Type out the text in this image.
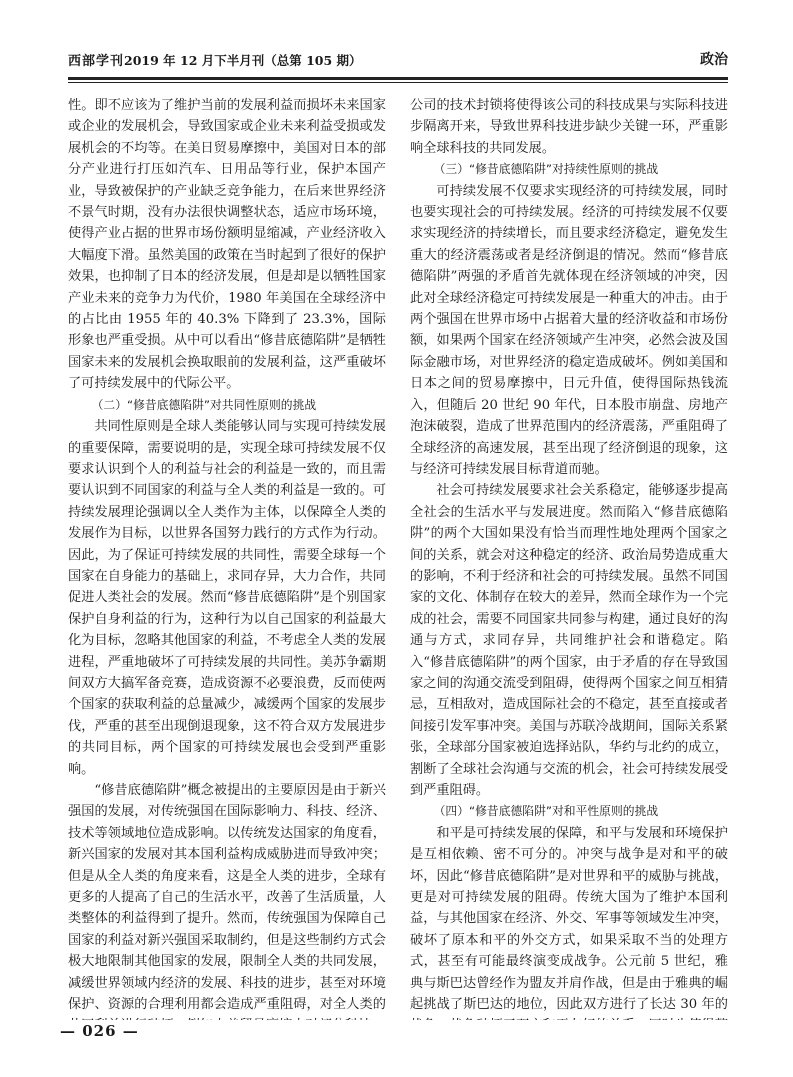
西部学刊2019 年 12 月下半月刊（总第 105 期）	政治

性。即不应该为了维护当前的发展利益而损坏未来国家或企业的发展机会，导致国家或企业未来利益受损或发展机会的不均等。在美日贸易摩擦中，美国对日本的部分产业进行打压如汽车、日用品等行业，保护本国产业，导致被保护的产业缺乏竞争能力，在后来世界经济不景气时期，没有办法很快调整状态，适应市场环境，使得产业占据的世界市场份额明显缩减，产业经济收入大幅度下滑。虽然美国的政策在当时起到了很好的保护效果，也抑制了日本的经济发展，但是却是以牺牲国家产业未来的竞争力为代价，1980 年美国在全球经济中的占比由 1955 年的 40.3% 下降到了 23.3%，国际形象也严重受损。从中可以看出“修昔底德陷阱”是牺牲国家未来的发展机会换取眼前的发展利益，这严重破坏了可持续发展中的代际公平。

（二）“修昔底德陷阱”对共同性原则的挑战

共同性原则是全球人类能够认同与实现可持续发展的重要保障，需要说明的是，实现全球可持续发展不仅要求认识到个人的利益与社会的利益是一致的，而且需要认识到不同国家的利益与全人类的利益是一致的。可持续发展理论强调以全人类作为主体，以保障全人类的发展作为目标，以世界各国努力践行的方式作为行动。因此，为了保证可持续发展的共同性，需要全球每一个国家在自身能力的基础上，求同存异，大力合作，共同促进人类社会的发展。然而“修昔底德陷阱”是个别国家保护自身利益的行为，这种行为以自己国家的利益最大化为目标，忽略其他国家的利益，不考虑全人类的发展进程，严重地破坏了可持续发展的共同性。美苏争霸期间双方大搞军备竞赛，造成资源不必要浪费，反而使两个国家的获取利益的总量减少，减缓两个国家的发展步伐，严重的甚至出现倒退现象，这不符合双方发展进步的共同目标，两个国家的可持续发展也会受到严重影响。

“修昔底德陷阱”概念被提出的主要原因是由于新兴强国的发展，对传统强国在国际影响力、科技、经济、技术等领域地位造成影响。以传统发达国家的角度看，新兴国家的发展对其本国利益构成威胁进而导致冲突；但是从全人类的角度来看，这是全人类的进步，全球有更多的人提高了自己的生活水平，改善了生活质量，人类整体的利益得到了提升。然而，传统强国为保障自己国家的利益对新兴强国采取制约，但是这些制约方式会极大地限制其他国家的发展，限制全人类的共同发展，减缓世界领域内经济的发展、科技的进步，甚至对环境保护、资源的合理利用都会造成严重阻碍，对全人类的

公司的技术封锁将使得该公司的科技成果与实际科技进步隔离开来，导致世界科技进步缺少关键一环，严重影响全球科技的共同发展。

（三）“修昔底德陷阱”对持续性原则的挑战

可持续发展不仅要求实现经济的可持续发展，同时也要实现社会的可持续发展。经济的可持续发展不仅要求实现经济的持续增长，而且要求经济稳定，避免发生重大的经济震荡或者是经济倒退的情况。然而“修昔底德陷阱”两强的矛盾首先就体现在经济领域的冲突，因此对全球经济稳定可持续发展是一种重大的冲击。由于两个强国在世界市场中占据着大量的经济收益和市场份额，如果两个国家在经济领域产生冲突，必然会波及国际金融市场，对世界经济的稳定造成破坏。例如美国和日本之间的贸易摩擦中，日元升值，使得国际热钱流入，但随后 20 世纪 90 年代，日本股市崩盘、房地产泡沫破裂，造成了世界范围内的经济震荡，严重阻碍了全球经济的高速发展，甚至出现了经济倒退的现象，这与经济可持续发展目标背道而驰。

社会可持续发展要求社会关系稳定，能够逐步提高全社会的生活水平与发展进度。然而陷入“修昔底德陷阱”的两个大国如果没有恰当而理性地处理两个国家之间的关系，就会对这种稳定的经济、政治局势造成重大的影响，不利于经济和社会的可持续发展。虽然不同国家的文化、体制存在较大的差异，然而全球作为一个完成的社会，需要不同国家共同参与构建，通过良好的沟通与方式，求同存异，共同维护社会和谐稳定。陷入“修昔底德陷阱”的两个国家，由于矛盾的存在导致国家之间的沟通交流受到阻碍，使得两个国家之间互相猜忌，互相敌对，造成国际社会的不稳定，甚至直接或者间接引发军事冲突。美国与苏联冷战期间，国际关系紧张，全球部分国家被迫选择站队，华约与北约的成立，割断了全球社会沟通与交流的机会，社会可持续发展受到严重阻碍。

（四）“修昔底德陷阱”对和平性原则的挑战

和平是可持续发展的保障，和平与发展和环境保护是互相依赖、密不可分的。冲突与战争是对和平的破坏，因此“修昔底德陷阱”是对世界和平的威胁与挑战，更是对可持续发展的阻碍。传统大国为了维护本国利益，与其他国家在经济、外交、军事等领域发生冲突，破坏了原本和平的外交方式，如果采取不当的处理方式，甚至有可能最终演变成战争。公元前 5 世纪，雅典与斯巴达曾经作为盟友并肩作战，但是由于雅典的崛起挑战了斯巴达的地位，因此双方进行了长达 30 年的

— 026 —
